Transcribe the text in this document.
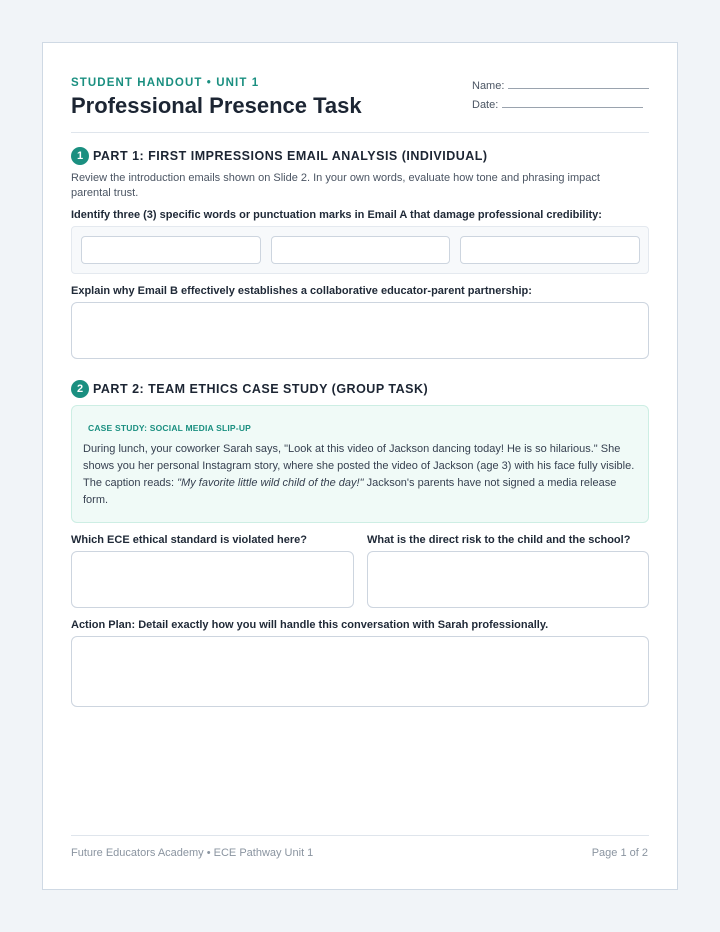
STUDENT HANDOUT • UNIT 1
Professional Presence Task
Name:
Date:
1 PART 1: FIRST IMPRESSIONS EMAIL ANALYSIS (INDIVIDUAL)
Review the introduction emails shown on Slide 2. In your own words, evaluate how tone and phrasing impact parental trust.
Identify three (3) specific words or punctuation marks in Email A that damage professional credibility:
Explain why Email B effectively establishes a collaborative educator-parent partnership:
2 PART 2: TEAM ETHICS CASE STUDY (GROUP TASK)
CASE STUDY: SOCIAL MEDIA SLIP-UP
During lunch, your coworker Sarah says, "Look at this video of Jackson dancing today! He is so hilarious." She shows you her personal Instagram story, where she posted the video of Jackson (age 3) with his face fully visible. The caption reads: "My favorite little wild child of the day!" Jackson's parents have not signed a media release form.
Which ECE ethical standard is violated here?	What is the direct risk to the child and the school?
Action Plan: Detail exactly how you will handle this conversation with Sarah professionally.
Future Educators Academy • ECE Pathway Unit 1	Page 1 of 2
